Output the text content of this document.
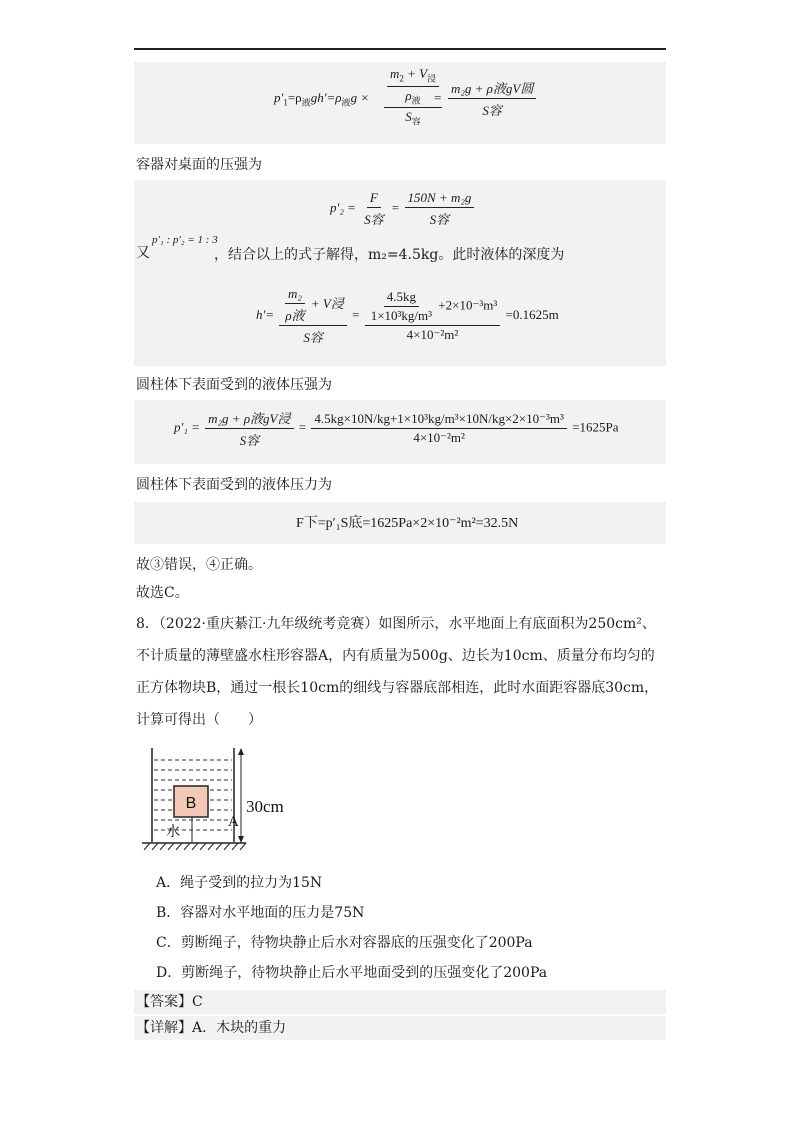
$p'_1=\rho_液gh'=\rho_液g \times \frac{\frac{m_2 + V_浸}{\rho_液}}{S_容}$
= $\frac{\text{m₂g + ρ液gV圆}}{\text{S容}}$
容器对桌面的压强为
$p'_2 = \frac{F}{\text{S容}} = \frac{\text{150N + m₂g}}{\text{S容}}$
又
p′₁ : p′₂ = 1 : 3
，结合以上的式子解得，m₂=4.5kg。此时液体的深度为
$h'= \frac{\frac{\text{m₂}}{\text{ρ液}} + V浸}{\text{S容}} = \frac{\frac{4.5kg}{\text{1×10³kg/m³}} +2\times 10^{-3}m^3}{\text{4×10⁻²m²}} =0.1625m$
圆柱体下表面受到的液体压强为
$p'_1 = \frac{\text{m₂g + ρ液gV浸}}{\text{S容}} = \frac{\text{4.5kg×10N/kg+1×10³kg/m³×10N/kg×2×10⁻³m³}}{\text{4×10⁻²m²}} =1625Pa$
圆柱体下表面受到的液体压力为
F下=p′₁S底=1625Pa×2×10⁻²m²=32.5N
故③错误，④正确。
故选C。
8．（2022·重庆綦江·九年级统考竞赛）如图所示，水平地面上有底面积为250cm²、不计质量的薄壁盛水柱形容器A，内有质量为500g、边长为10cm、质量分布均匀的正方体物块B，通过一根长10cm的细线与容器底部相连，此时水面距容器底30cm，计算可得出（　　）
B
水
A
30cm
A．绳子受到的拉力为15N
B．容器对水平地面的压力是75N
C．剪断绳子，待物块静止后水对容器底的压强变化了200Pa
D．剪断绳子，待物块静止后水平地面受到的压强变化了200Pa
【答案】C
【详解】A．木块的重力
